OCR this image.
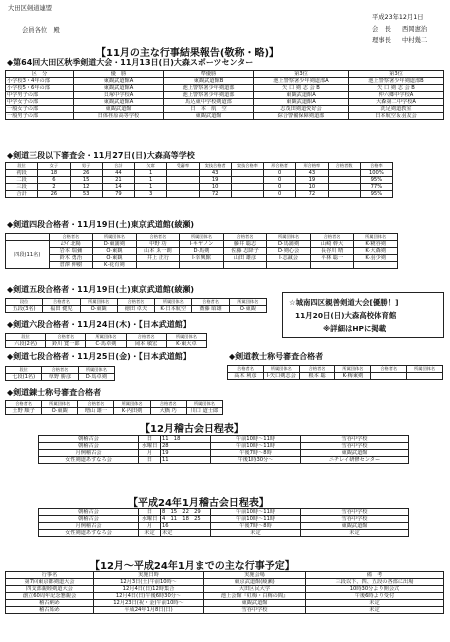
大田区剣道連盟
会員各位　殿
平成23年12月1日
会　長 西岡憲治
理事長 中村幾二
【11月の主な行事結果報告(敬称・略)】
◆第64回大田区秋季剣道大会・11月13日(日)大森スポーツセンター
区　分	優　勝	準優勝	第3位	第3位
小学校3・4年の部	東観武道館A	東観武道館B	池上警察署少年剣道部A	池上警察署少年剣道部B
小学校5・6年の部	東観武道館A	池上警察署少年剣道部	矢 口 剣 志 会 B	矢 口 剣 志 会 B
中学男子の部	貝塚中学校A	池上警察署少年剣道部	東観武道館A	仲六郷中学校A
中学女子の部	東観武道館A	馬込東中学校剣道部	東観武道館A	大森第二中学校A
一般女子の部	東観武道館	日　本　航　空	志茂田剣道愛好会	洗足剣道教室
一般男子の部	日体荏原高等学校	東観武道館	綜合警備保障剣道部	日本航空＆羽友会
◆剣道三段以下審査会・11月27日(日)大森高等学校
段位	女子	男子	合計	欠席	受審率	実技合格者	実技合格率	形合格者	形合格率	合格者数	合格率
初段	18	26	44	1		43		0	43		100%
二段	6	15	21	1		19		0	19		95%
三段	2	12	14	1		10		0	10		77%
合計	26	53	79	3		72		0	72		95%
◆剣道四段合格者・11月19日(土)東京武道館(綾瀬)
	合格者名	所属団体名	合格者名	所属団体名	合格者名	所属団体名	合格者名	所属団体名
四段(11名)	ﾑﾗｲ 北陽	D·東蒲剣	中野 功	I·キヤノン	藤井 聡志	D·馬蒲剣	山崎 幹大	K·糀谷剣
	岩本 瑞彌	O·東観	山本 ゑ一朗	D·馬剣	佐藤 志降子	D·剣心会	長谷川 晴	K·大森剣
	鈴木 勇治	O·東観	井上 正行	I·幸興館	山田 雄彦	I·志誠会	平林 聡一	K·羽少剣
	倉澤 伸樹	K·花有剣						
◆剣道五段合格者・11月19日(土)東京武道館(綾瀬)
段位	合格者名	所属団体名	合格者名	所属団体名	合格者名	所属団体名
五段(3名)	福田 健児	O·東観	徳田 卓夫	K·日本航空	齋藤 昭雄	O·東観
◆剣道六段合格者・11月24日(木)・【日本武道館】
段位	合格者名	所属団体名	合格者名	所属団体名
六段(2名)	鈴川 寛一郎	C·馬卓剣	岡本 敏宏	K·東大卓
◆剣道七段合格者・11月25日(金)・【日本武道館】
段位	合格者名	所属団体名
七段(1名)	草野 勝彦	D·馬卓剣
◆剣道錬士称号審査合格者
合格者名	所属団体名	合格者名	所属団体名	合格者名	所属団体名
土野 順子	O·東観	増山 雄一	K·内田剣	大橋 巧	川口 道士郎
◆剣道教士称号審査合格者
合格者名	所属団体名	合格者名	所属団体名	合格者名	所属団体名
高木 利彦	I·矢口剣志会	根本 聡	K·梅東剣		
☆城南四区親善剣道大会[優勝！]
11月20日(日)大森高校体育館
※詳細はHPに掲載
【12月稽古会日程表】
朝稽古会	日	11　18	午前10時～11時	雪谷中学校
朝稽古会	水曜日	28	午前10時～11時	雪谷中学校
月例稽古会	月	19	午後7時～8時	東観武道館
女性剣道あすなろ会	日	11	午後1時30分～	ニチレイ研修センター
【平成24年1月稽古会日程表】
朝稽古会	日	8　15　22　29	午前10時～11時	雪谷中学校
朝稽古会	水曜日	4　11　18　25	午前10時～11時	雪谷中学校
月例稽古会	月	16	午後7時～8時	東観武道館
女性剣道あすなろ会	未定	未定	未定	未定
【12月～平成24年1月までの主な行事予定】
行事名	実施日時	実施会場	備　考
第7回東京都剣道大会	12月3日(土)午前10時～	東京武道館(綾瀬)	三段以下、四、五段の各部に出場
四支部親睦剣道大会	12月4日(日)12時集合	大田区民大学	10時30分より開会式
創立60周年記念懇親会	12月4日(日)午後6時30分～	池上会館『紅梅・白梅の間』	午後6時より受付
稽古納め	12月23日(祝・金)午前10時～	東観武道館	未定
稽古始め	平成24年1月8日(日)	雪谷中学校	未定
